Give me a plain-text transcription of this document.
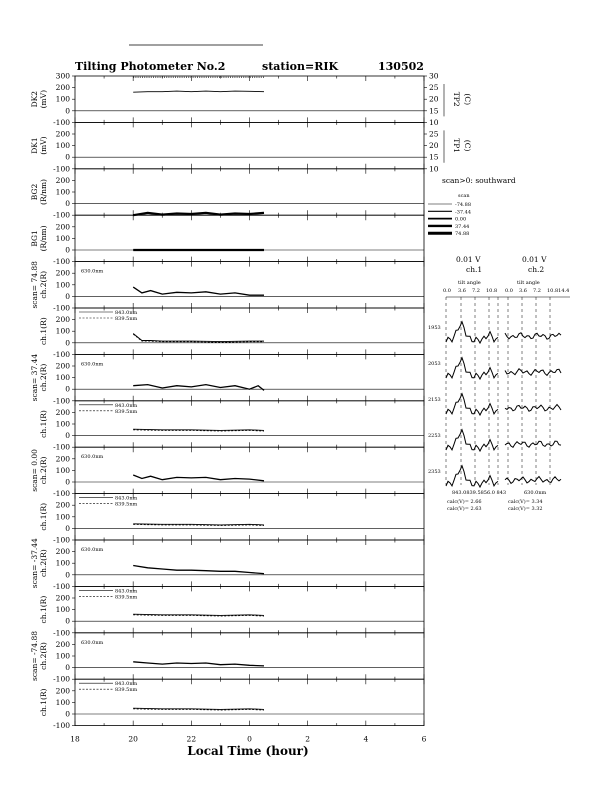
Tilting Photometer No.2	station=RIK	130502
300
200
100
0
-100
DK2 (mV)
30
25
20
15
10
TP2 (C)
200
100
0
-100
DK1 (mV)
25
20
15
10
TP1 (C)
200
100
0
-100
BG2 (R/nm)
200
100
0
-100
BG1 (R/nm)
200
100
0
-100
scan= 74.88 ch.2(R)	630.0nm
200
100
0
-100
ch.1(R)
843.0nm
839.5nm
200
100
0
-100
scan= 37.44 ch.2(R)	630.0nm
200
100
0
-100
ch.1(R)
843.0nm
839.5nm
200
100
0
-100
scan= 0.00 ch.2(R)	630.0nm
200
100
0
-100
ch.1(R)
843.0nm
839.5nm
200
100
0
-100
scan= -37.44 ch.2(R)	630.0nm
200
100
0
-100
ch.1(R)
843.0nm
839.5nm
200
100
0
-100
scan= -74.88 ch.2(R)	630.0nm
200
100
0
-100
ch.1(R)
843.0nm
839.5nm
18	20	22	0	2	4	6
Local Time (hour)
scan>0: southward
scan
-74.88
-37.44
0.00
37.44
74.88
0.01 V	0.01 V
ch.1	ch.2
tilt angle	tilt angle
0.0 3.6 7.2 10.8 0.0 3.6 7.2 10.814.4
1953
2053
2153
2253
2353
843.0839.5856.0 843	630.0nm
calc(V)= 2.66
calc(V)= 2.63
calc(V)= 3.34
calc(V)= 3.32
